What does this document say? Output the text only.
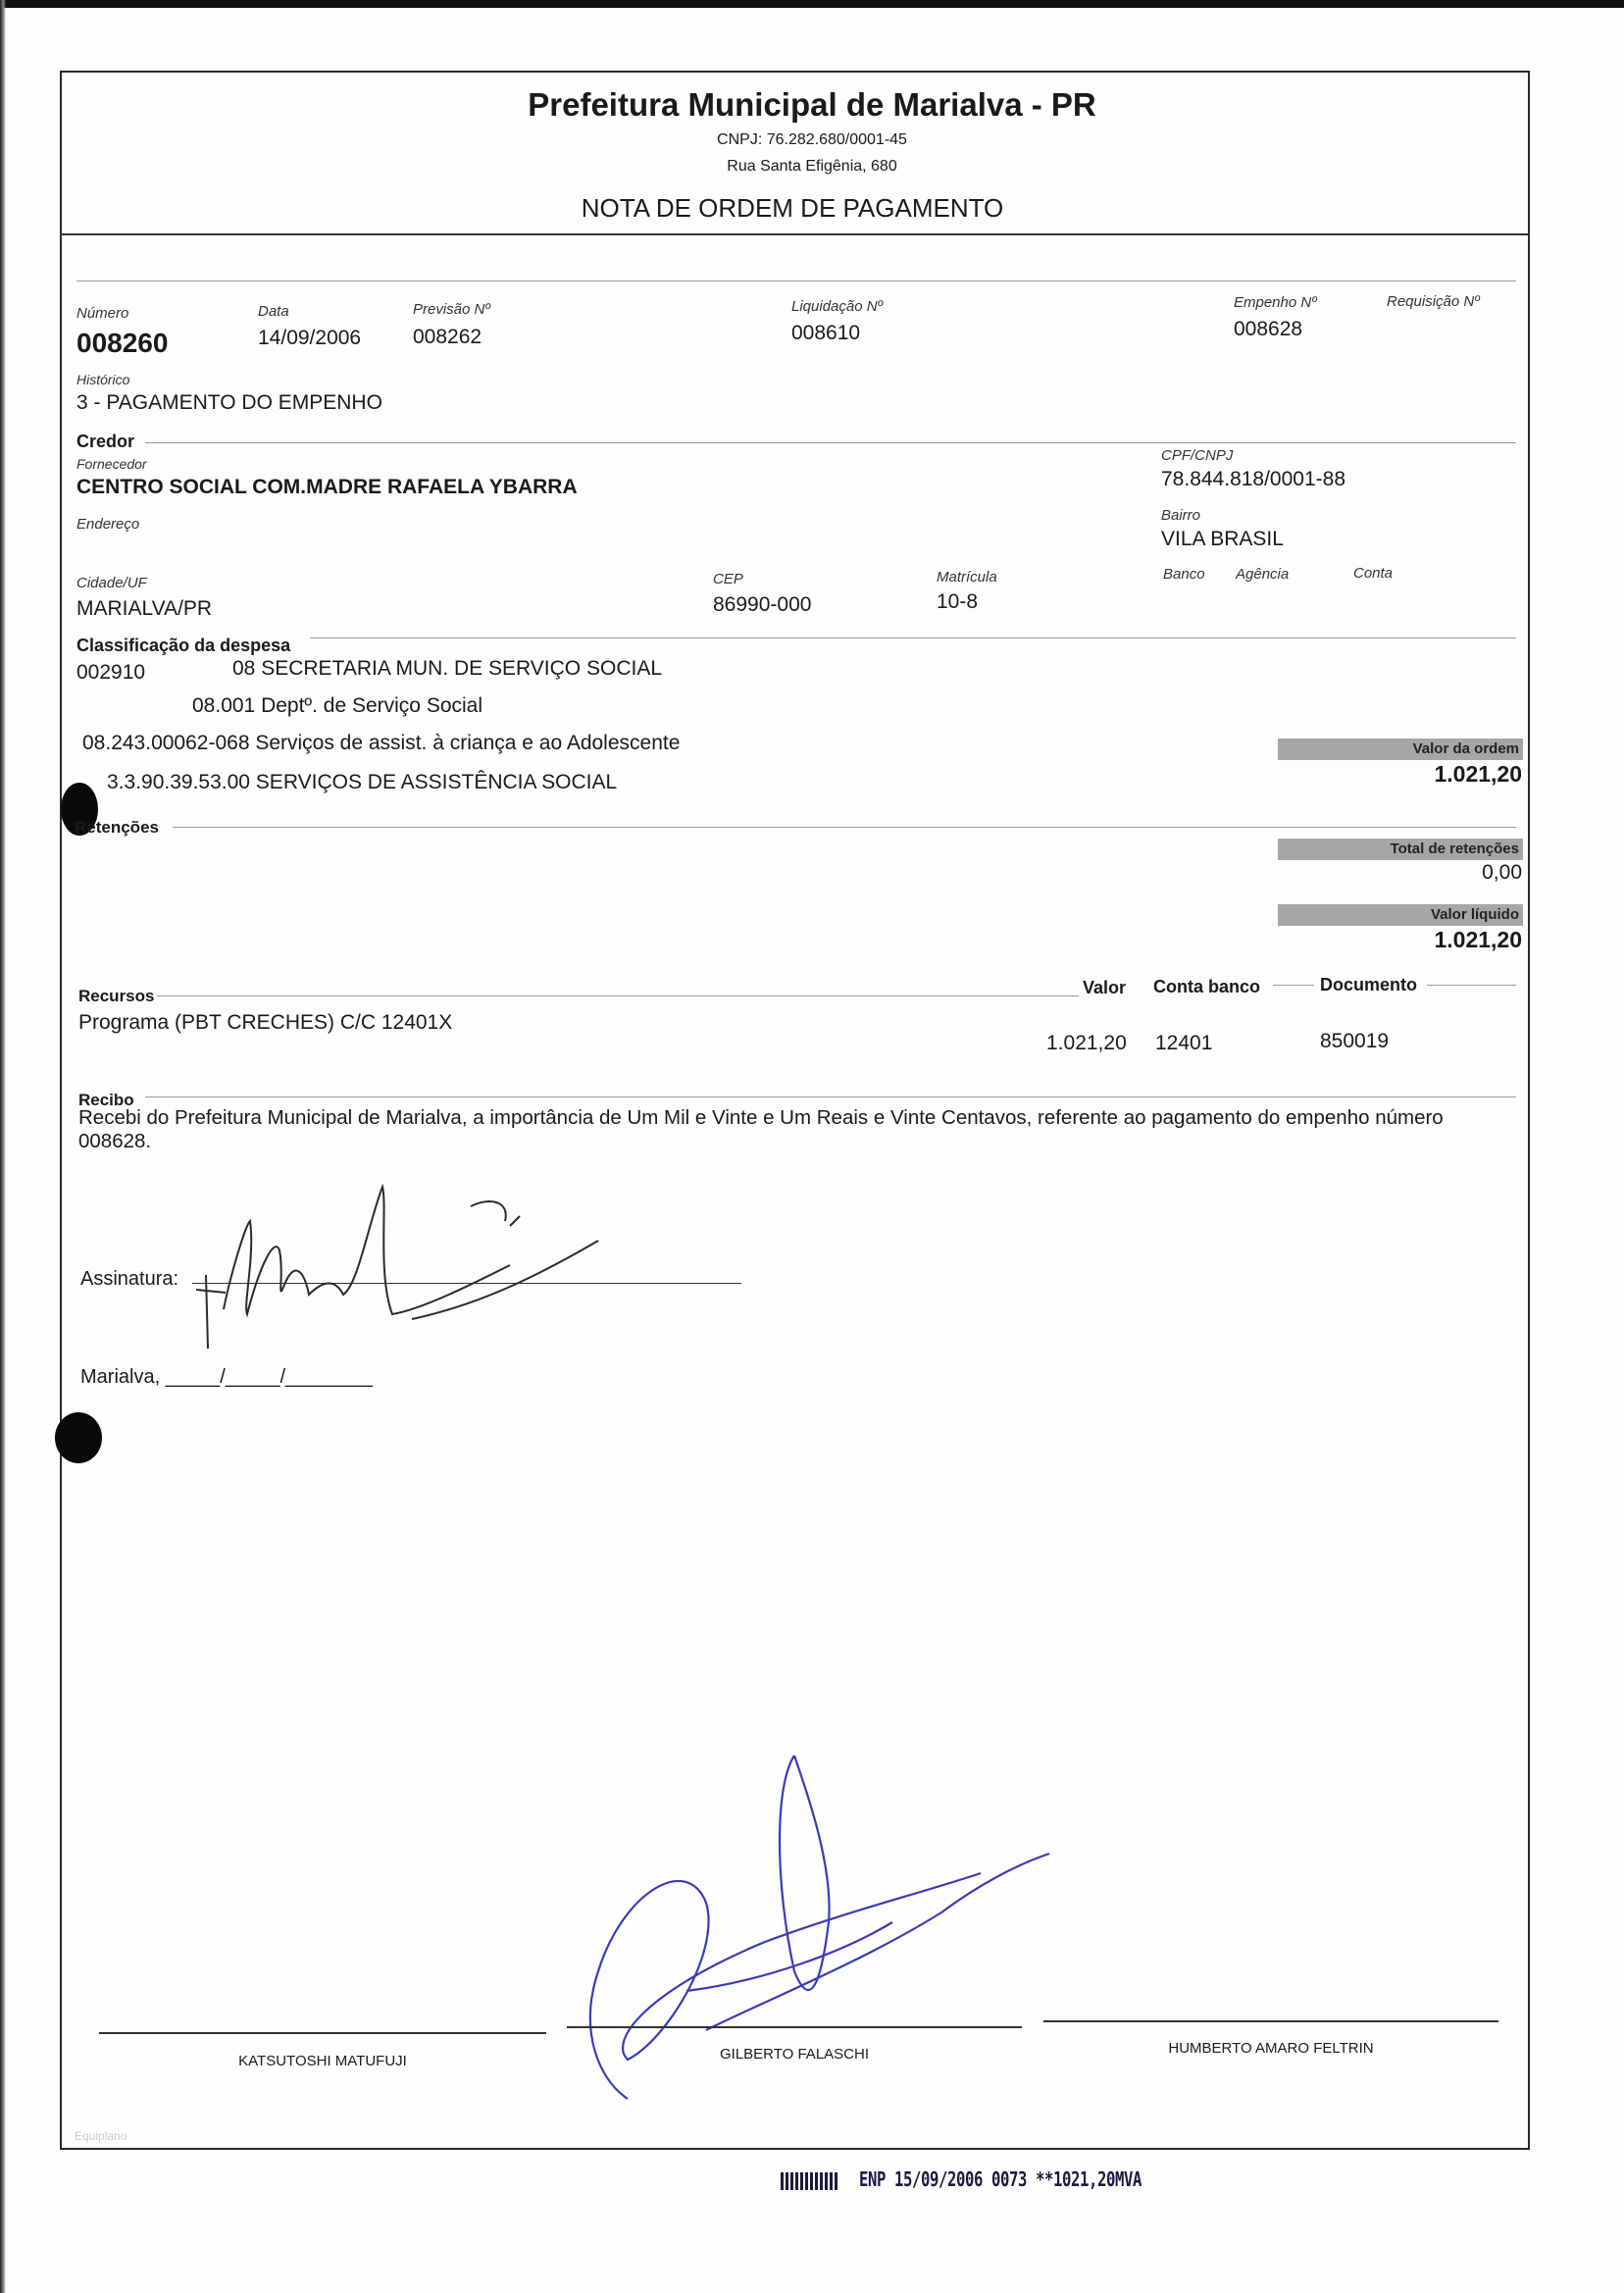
Prefeitura Municipal de Marialva - PR
CNPJ: 76.282.680/0001-45
Rua Santa Efigênia, 680
NOTA DE ORDEM DE PAGAMENTO
Número
008260
Data
14/09/2006
Previsão Nº
008262
Liquidação Nº
008610
Empenho Nº
008628
Requisição Nº
Histórico
3 - PAGAMENTO DO EMPENHO
Credor
Fornecedor
CENTRO SOCIAL COM.MADRE RAFAELA YBARRA
CPF/CNPJ
78.844.818/0001-88
Endereço
Bairro
VILA BRASIL
Cidade/UF
MARIALVA/PR
CEP
86990-000
Matrícula
10-8
Banco Agência	Conta
Classificação da despesa
002910	08 SECRETARIA MUN. DE SERVIÇO SOCIAL
08.001 Deptº. de Serviço Social
08.243.00062-068 Serviços de assist. à criança e ao Adolescente
3.3.90.39.53.00 SERVIÇOS DE ASSISTÊNCIA SOCIAL
Valor da ordem
1.021,20
Retenções
Total de retenções
0,00
Valor líquido
1.021,20
Recursos	Valor Conta banco	Documento
Programa (PBT CRECHES) C/C 12401X
1.021,20 12401	850019
Recibo
Recebi do Prefeitura Municipal de Marialva, a importância de Um Mil e Vinte e Um Reais e Vinte Centavos, referente ao pagamento do empenho número 008628.
Assinatura:
Marialva, _____/_____/________
KATSUTOSHI MATUFUJI	GILBERTO FALASCHI	HUMBERTO AMARO FELTRIN
Equiplano
ENP 15/09/2006 0073 **1021,20MVA
